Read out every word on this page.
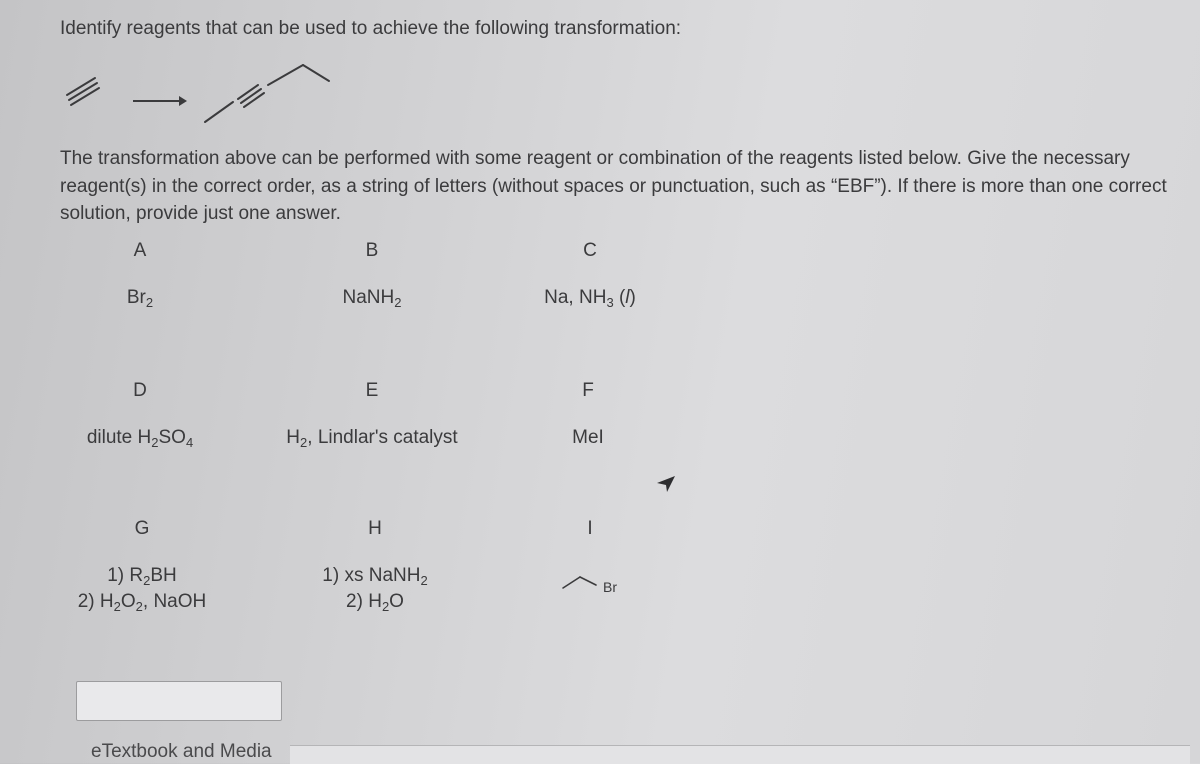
Identify reagents that can be used to achieve the following transformation:
The transformation above can be performed with some reagent or combination of the reagents listed below. Give the necessary reagent(s) in the correct order, as a string of letters (without spaces or punctuation, such as “EBF”). If there is more than one correct solution, provide just one answer.
A
$Br_2$
B
NaNH$_2$
C
Na, $NH_3$ (l)
D
dilute $H_2SO_4$
E
$H_2$, Lindlar's catalyst
F
MeI
G
1) $R_2BH$
2) $H_2O_2$, NaOH
H
1) xs NaNH$_2$
2) $H_2O$
I
Br
eTextbook and Media
